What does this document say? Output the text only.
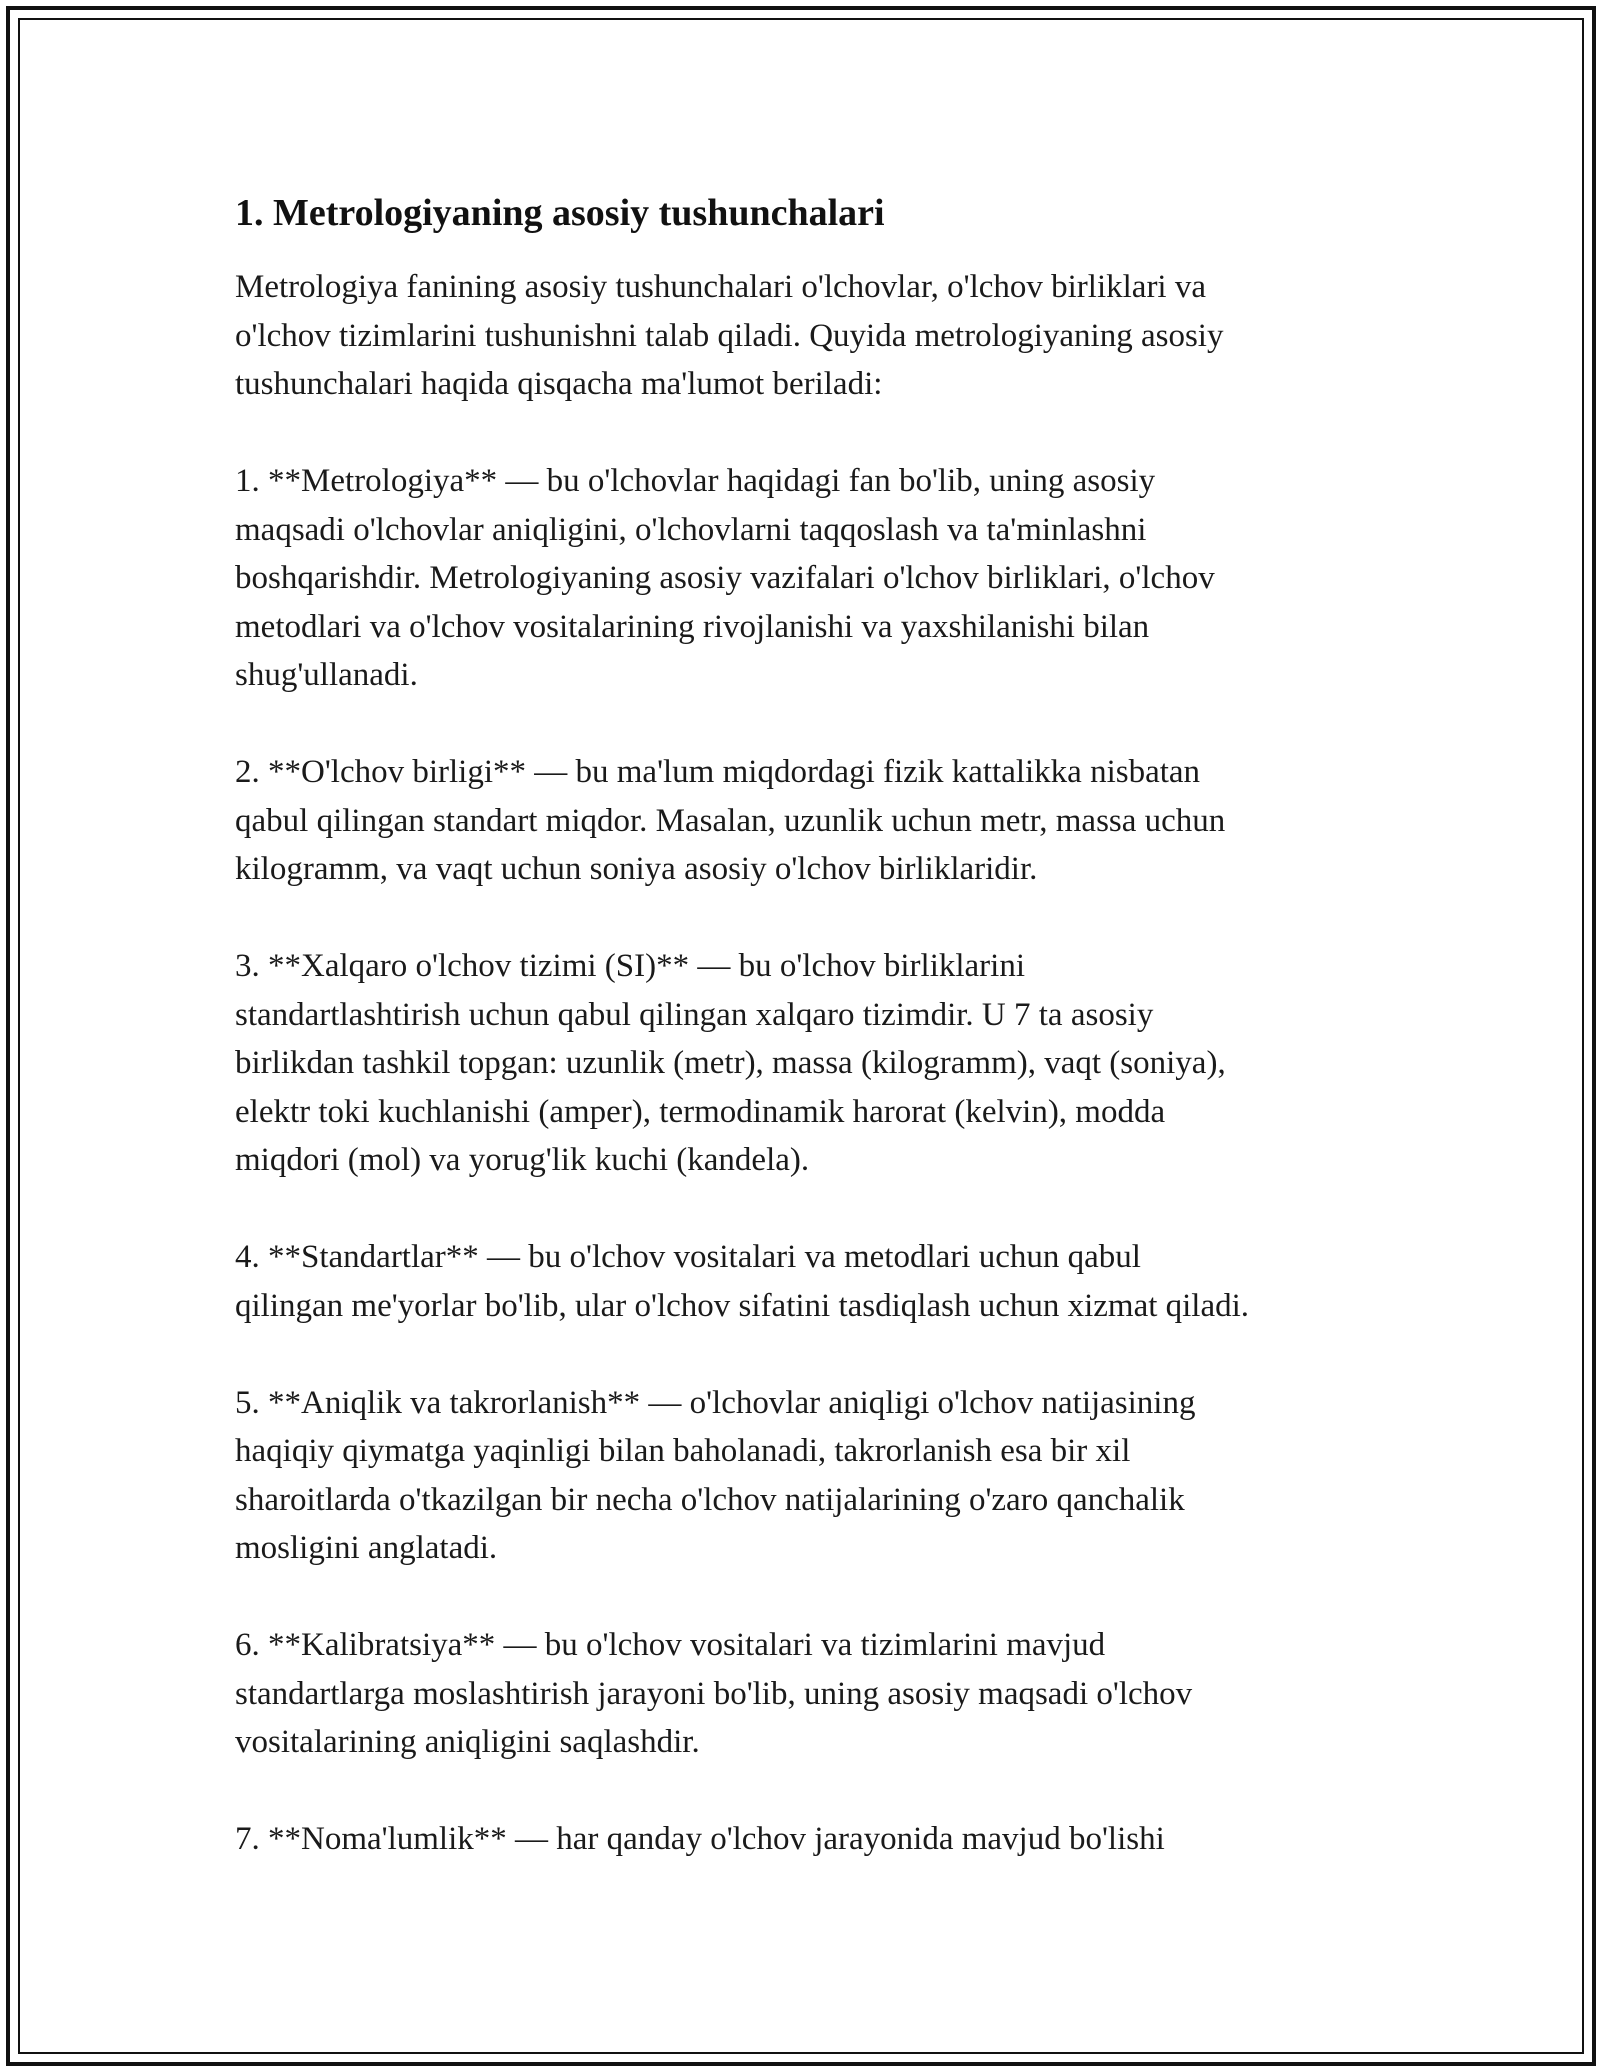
1. Metrologiyaning asosiy tushunchalari
Metrologiya fanining asosiy tushunchalari o'lchovlar, o'lchov birliklari va
o'lchov tizimlarini tushunishni talab qiladi. Quyida metrologiyaning asosiy
tushunchalari haqida qisqacha ma'lumot beriladi:
1. **Metrologiya** — bu o'lchovlar haqidagi fan bo'lib, uning asosiy
maqsadi o'lchovlar aniqligini, o'lchovlarni taqqoslash va ta'minlashni
boshqarishdir. Metrologiyaning asosiy vazifalari o'lchov birliklari, o'lchov
metodlari va o'lchov vositalarining rivojlanishi va yaxshilanishi bilan
shug'ullanadi.
2. **O'lchov birligi** — bu ma'lum miqdordagi fizik kattalikka nisbatan
qabul qilingan standart miqdor. Masalan, uzunlik uchun metr, massa uchun
kilogramm, va vaqt uchun soniya asosiy o'lchov birliklaridir.
3. **Xalqaro o'lchov tizimi (SI)** — bu o'lchov birliklarini
standartlashtirish uchun qabul qilingan xalqaro tizimdir. U 7 ta asosiy
birlikdan tashkil topgan: uzunlik (metr), massa (kilogramm), vaqt (soniya),
elektr toki kuchlanishi (amper), termodinamik harorat (kelvin), modda
miqdori (mol) va yorug'lik kuchi (kandela).
4. **Standartlar** — bu o'lchov vositalari va metodlari uchun qabul
qilingan me'yorlar bo'lib, ular o'lchov sifatini tasdiqlash uchun xizmat qiladi.
5. **Aniqlik va takrorlanish** — o'lchovlar aniqligi o'lchov natijasining
haqiqiy qiymatga yaqinligi bilan baholanadi, takrorlanish esa bir xil
sharoitlarda o'tkazilgan bir necha o'lchov natijalarining o'zaro qanchalik
mosligini anglatadi.
6. **Kalibratsiya** — bu o'lchov vositalari va tizimlarini mavjud
standartlarga moslashtirish jarayoni bo'lib, uning asosiy maqsadi o'lchov
vositalarining aniqligini saqlashdir.
7. **Noma'lumlik** — har qanday o'lchov jarayonida mavjud bo'lishi
